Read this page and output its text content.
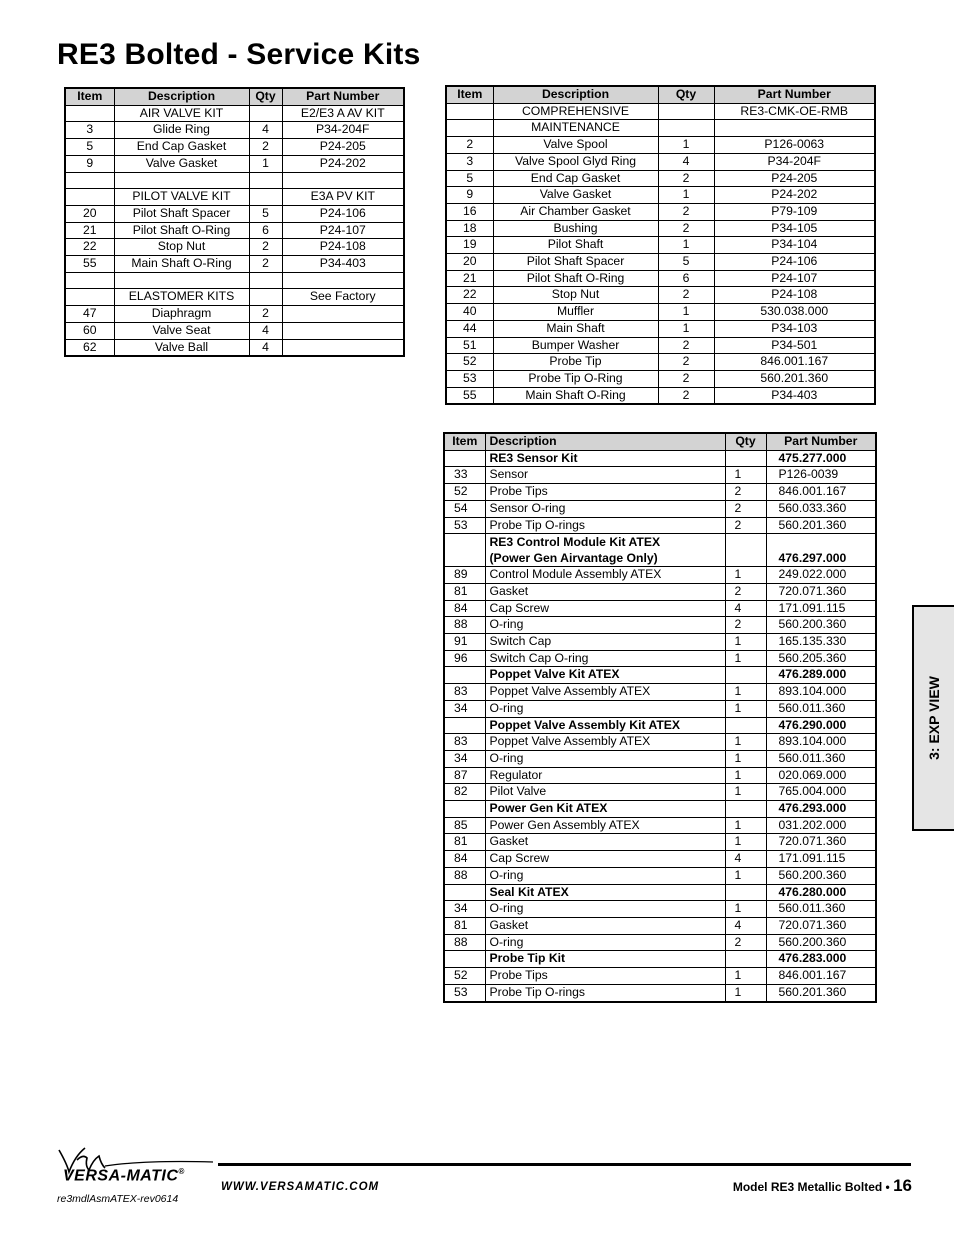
RE3 Bolted - Service Kits
Item	Description	Qty	Part Number
	AIR VALVE KIT		E2/E3 A AV KIT
3	Glide Ring	4	P34-204F
5	End Cap Gasket	2	P24-205
9	Valve Gasket	1	P24-202

	PILOT VALVE KIT		E3A PV KIT
20	Pilot Shaft Spacer	5	P24-106
21	Pilot Shaft O-Ring	6	P24-107
22	Stop Nut	2	P24-108
55	Main Shaft O-Ring	2	P34-403

	ELASTOMER KITS		See Factory
47	Diaphragm	2	
60	Valve Seat	4	
62	Valve Ball	4	
Item	Description	Qty	Part Number
	COMPREHENSIVE		RE3-CMK-OE-RMB
	MAINTENANCE		
2	Valve Spool	1	P126-0063
3	Valve Spool Glyd Ring	4	P34-204F
5	End Cap Gasket	2	P24-205
9	Valve Gasket	1	P24-202
16	Air Chamber Gasket	2	P79-109
18	Bushing	2	P34-105
19	Pilot Shaft	1	P34-104
20	Pilot Shaft Spacer	5	P24-106
21	Pilot Shaft O-Ring	6	P24-107
22	Stop Nut	2	P24-108
40	Muffler	1	530.038.000
44	Main Shaft	1	P34-103
51	Bumper Washer	2	P34-501
52	Probe Tip	2	846.001.167
53	Probe Tip O-Ring	2	560.201.360
55	Main Shaft O-Ring	2	P34-403
Item	Description	Qty	Part Number
	RE3 Sensor Kit		475.277.000
33	Sensor	1	P126-0039
52	Probe Tips	2	846.001.167
54	Sensor O-ring	2	560.033.360
53	Probe Tip O-rings	2	560.201.360
	RE3 Control Module Kit ATEX
(Power Gen Airvantage Only)		476.297.000
89	Control Module Assembly ATEX	1	249.022.000
81	Gasket	2	720.071.360
84	Cap Screw	4	171.091.115
88	O-ring	2	560.200.360
91	Switch Cap	1	165.135.330
96	Switch Cap O-ring	1	560.205.360
	Poppet Valve Kit ATEX		476.289.000
83	Poppet Valve Assembly ATEX	1	893.104.000
34	O-ring	1	560.011.360
	Poppet Valve Assembly Kit ATEX		476.290.000
83	Poppet Valve Assembly ATEX	1	893.104.000
34	O-ring	1	560.011.360
87	Regulator	1	020.069.000
82	Pilot Valve	1	765.004.000
	Power Gen Kit ATEX		476.293.000
85	Power Gen Assembly ATEX	1	031.202.000
81	Gasket	1	720.071.360
84	Cap Screw	4	171.091.115
88	O-ring	1	560.200.360
	Seal Kit ATEX		476.280.000
34	O-ring	1	560.011.360
81	Gasket	4	720.071.360
88	O-ring	2	560.200.360
	Probe Tip Kit		476.283.000
52	Probe Tips	1	846.001.167
53	Probe Tip O-rings	1	560.201.360
3: EXP VIEW
VERSA-MATIC®
re3mdlAsmATEX-rev0614
WWW.VERSAMATIC.COM	Model RE3 Metallic Bolted • 16
